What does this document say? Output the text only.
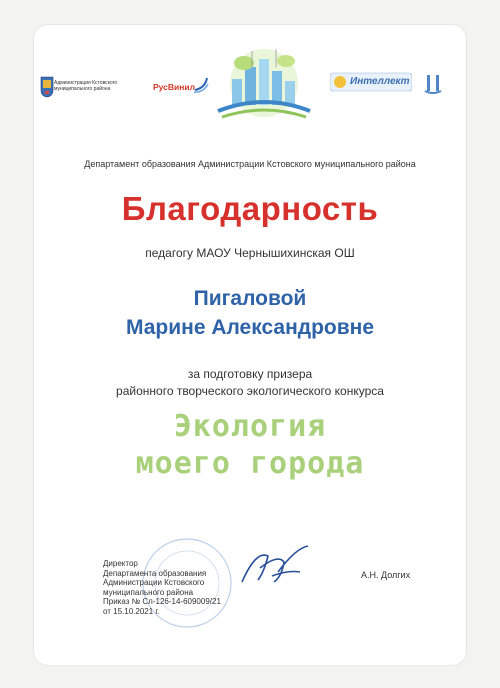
Администрация Кстовского муниципального района	РусВинил	Интеллект
Департамент образования Администрации Кстовского муниципального района
Благодарность
педагогу МАОУ Чернышихинская ОШ
Пигаловой
Марине Александровне
за подготовку призера
районного творческого экологического конкурса
Экология
моего города
Директор
Департамента образования
Администрации Кстовского
муниципального района
Приказ № Сл-126-14-609009/21
от 15.10.2021 г.
А.Н. Долгих
